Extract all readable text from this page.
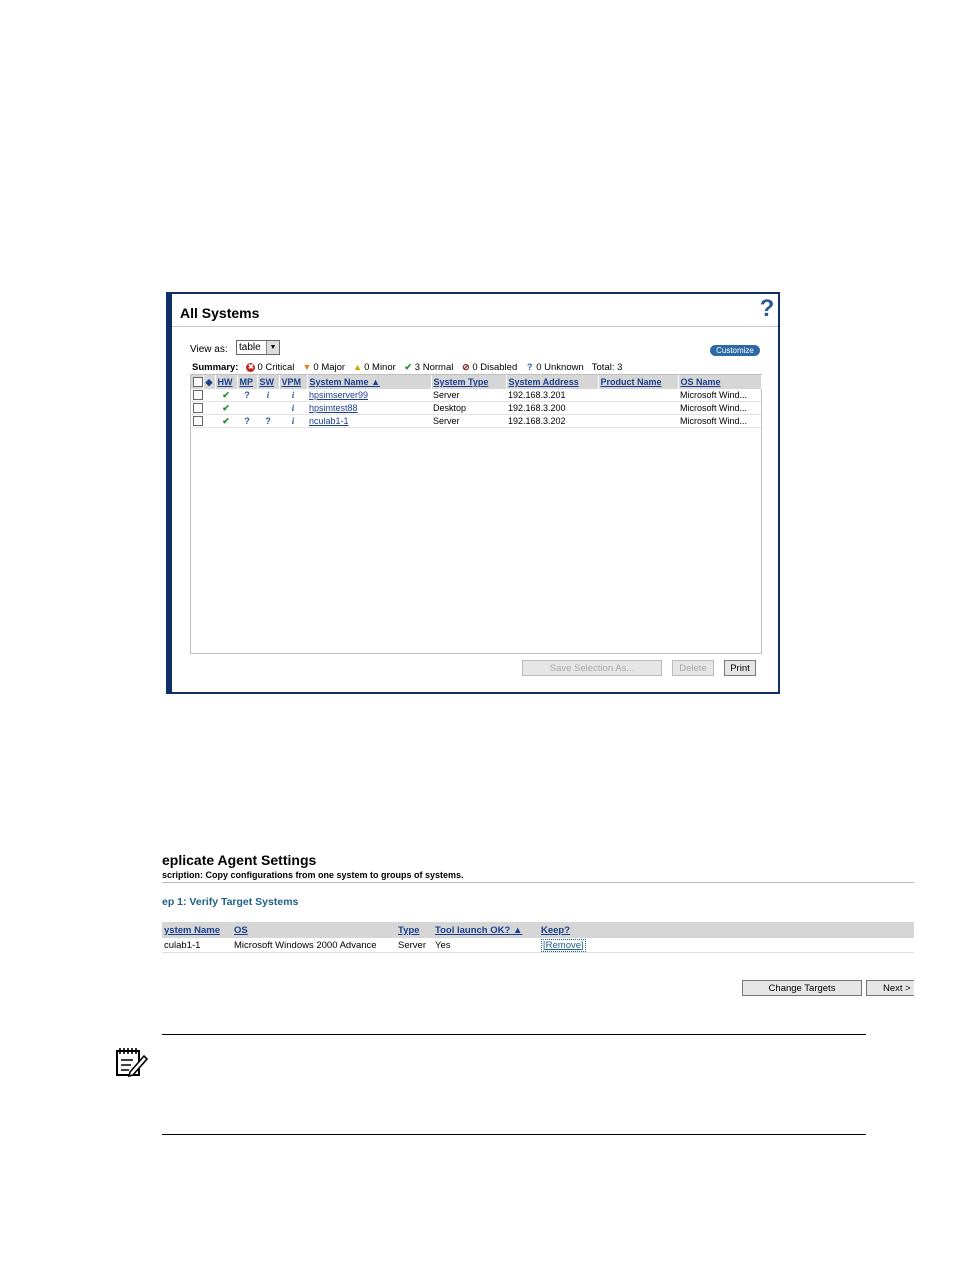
All Systems	?
View as:	table	▼	Customize
Summary: ✖ 0 Critical ▼ 0 Major ▲ 0 Minor ✔ 3 Normal ⊘ 0 Disabled ? 0 Unknown Total: 3
	◆	HW	MP	SW	VPM	System Name ▲	System Type	System Address	Product Name	OS Name
		✔	?	i	i	hpsimserver99	Server	192.168.3.201		Microsoft Wind...
		✔			i	hpsimtest88	Desktop	192.168.3.200		Microsoft Wind...
		✔	?	?	i	nculab1-1	Server	192.168.3.202		Microsoft Wind...
Save Selection As...	Delete	Print
eplicate Agent Settings
scription: Copy configurations from one system to groups of systems.
ep 1: Verify Target Systems
ystem Name	OS	Type	Tool launch OK? ▲	Keep?
culab1-1	Microsoft Windows 2000 Advance	Server	Yes	[Remove]
Change Targets	Next >
